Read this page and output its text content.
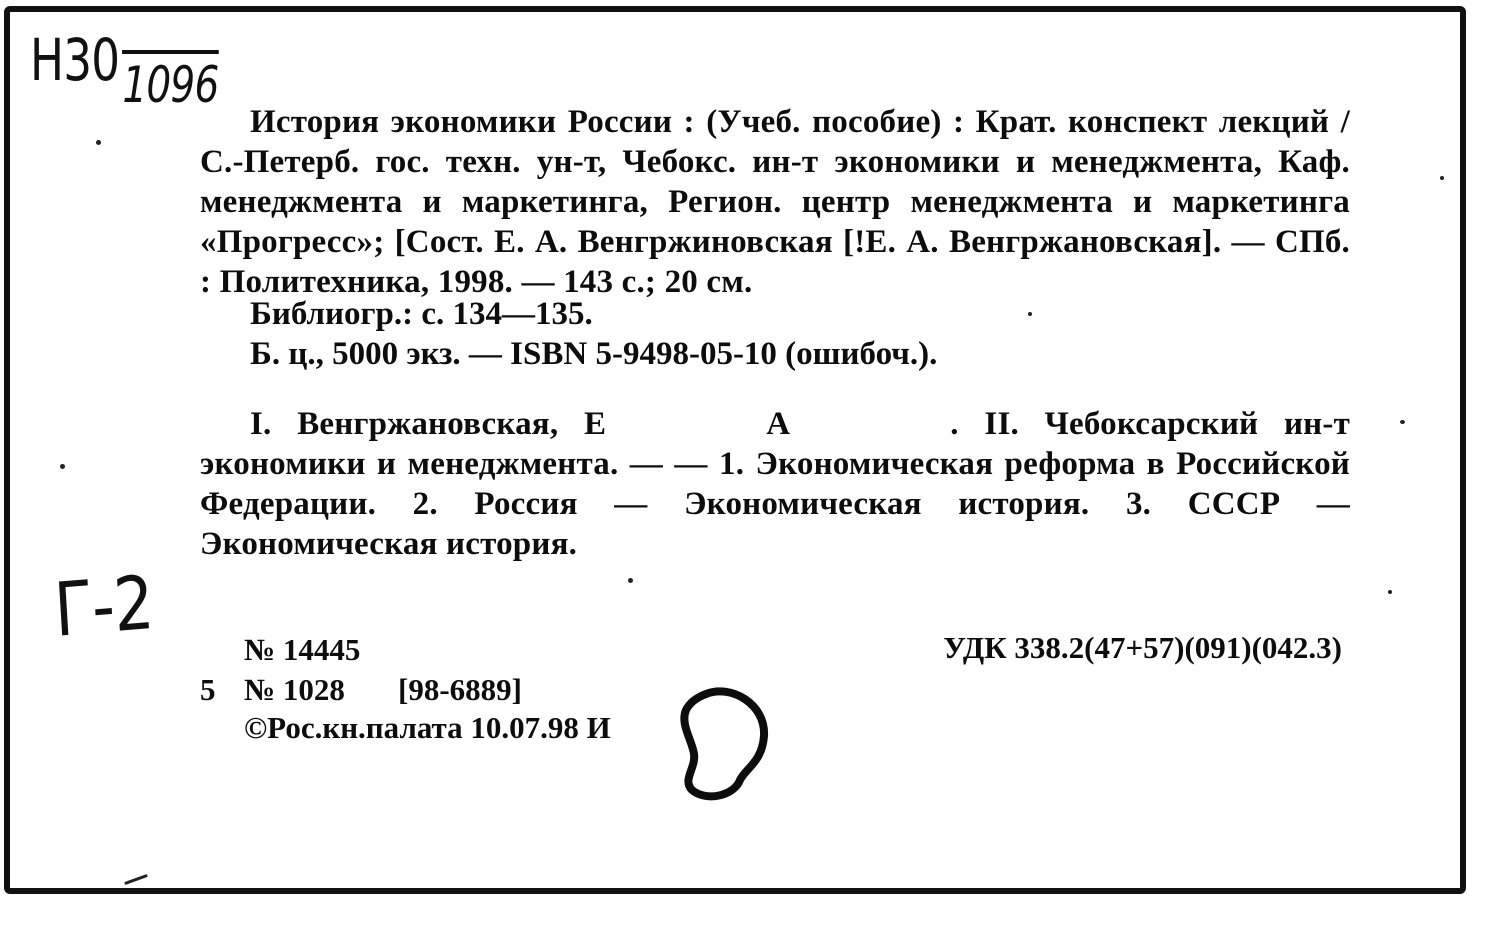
Н301096
Г-2
История экономики России : (Учеб. пособие) : Крат. конспект лекций / С.-Петерб. гос. техн. ун-т, Чебокс. ин-т экономики и менеджмента, Каф. менеджмента и маркетинга, Регион. центр менеджмента и маркетинга «Прогресс»; [Сост. Е. А. Венгржиновская [!Е. А. Венгржановская]. — СПб. : Политехника, 1998. — 143 с.; 20 см.
Библиогр.: с. 134—135.
Б. ц., 5000 экз. — ISBN 5-9498-05-10 (ошибоч.).
I. Венгржановская, Е	А	. II. Чебоксарский ин-т экономики и менеджмента. — — 1. Экономическая реформа в Российской Федерации. 2. Россия — Экономическая история. 3. СССР — Экономическая история.
№ 14445
5 № 1028 [98-6889]
©Рос.кн.палата 10.07.98 И
УДК 338.2(47+57)(091)(042.3)
